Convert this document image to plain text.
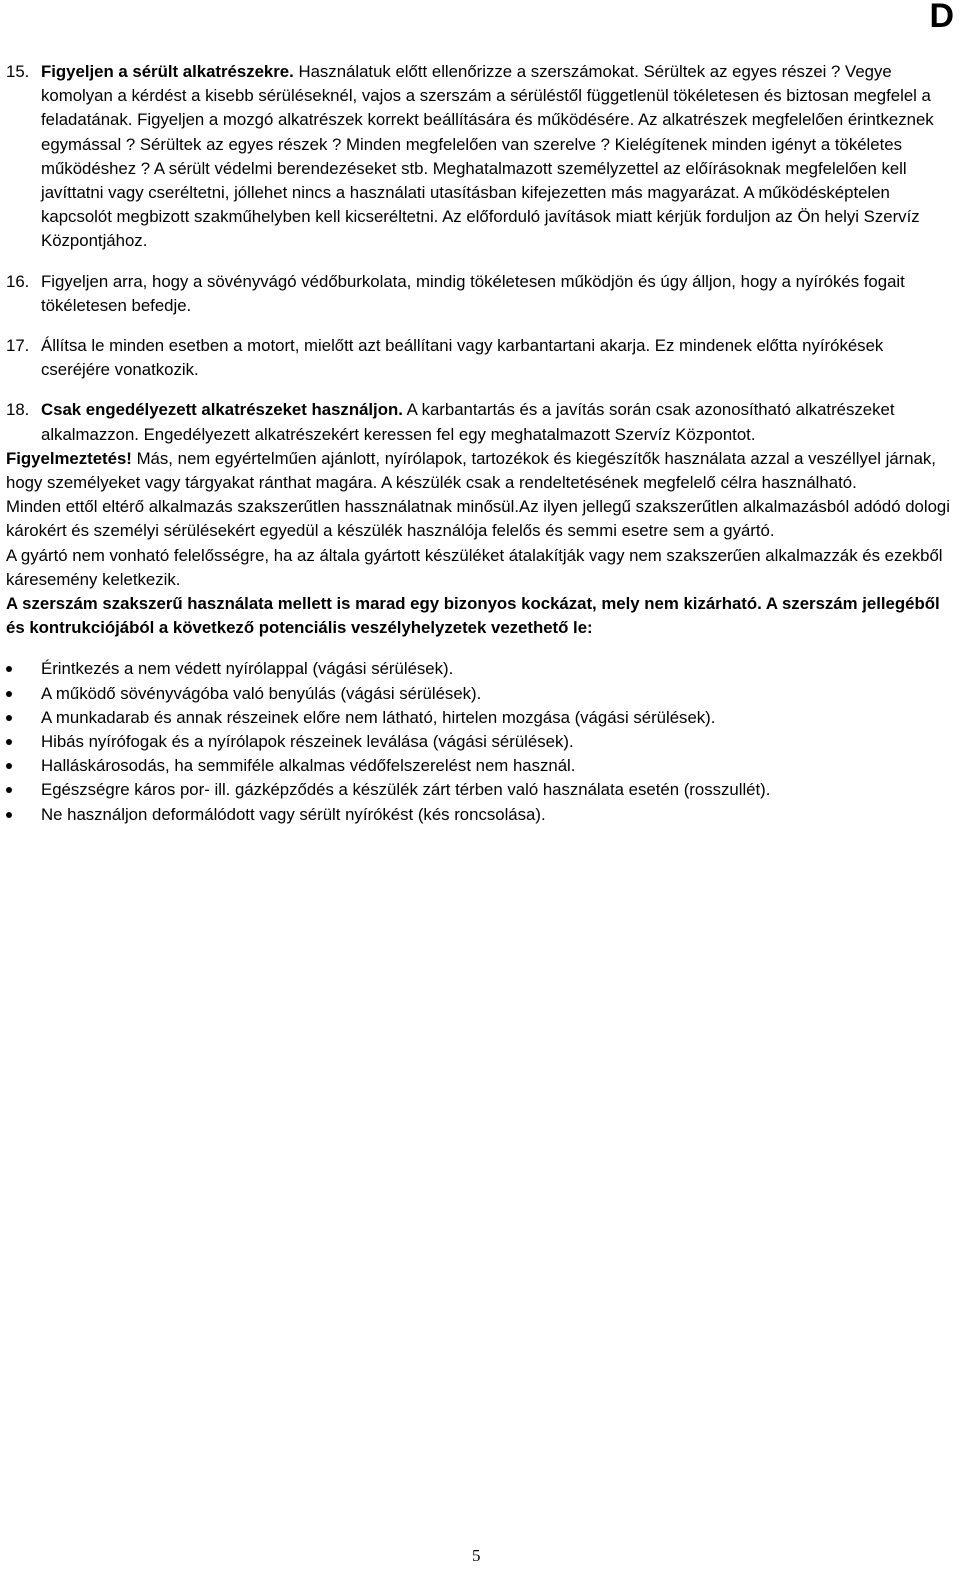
D

15. Figyeljen a sérült alkatrészekre. Használatuk előtt ellenőrizze a szerszámokat. Sérültek az egyes részei ? Vegye komolyan a kérdést a kisebb sérüléseknél, vajos a szerszám a sérüléstől függetlenül tökéletesen és biztosan megfelel a feladatának. Figyeljen a mozgó alkatrészek korrekt beállítására és működésére. Az alkatrészek megfelelően érintkeznek egymással ? Sérültek az egyes részek ? Minden megfelelően van szerelve ? Kielégítenek minden igényt a tökéletes működéshez ? A sérült védelmi berendezéseket stb. Meghatalmazott személyzettel az előírásoknak megfelelően kell javíttatni vagy cseréltetni, jóllehet nincs a használati utasításban kifejezetten más magyarázat. A működésképtelen kapcsolót megbizott szakműhelyben kell kicseréltetni. Az előforduló javítások miatt kérjük forduljon az Ön helyi Szervíz Központjához.

16. Figyeljen arra, hogy a sövényvágó védőburkolata, mindig tökéletesen működjön és úgy álljon, hogy a nyírókés fogait tökéletesen befedje.

17. Állítsa le minden esetben a motort, mielőtt azt beállítani vagy karbantartani akarja. Ez mindenek előtta nyírókések cseréjére vonatkozik.

18. Csak engedélyezett alkatrészeket használjon. A karbantartás és a javítás során csak azonosítható alkatrészeket alkalmazzon. Engedélyezett alkatrészekért keressen fel egy meghatalmazott Szervíz Központot.

Figyelmeztetés! Más, nem egyértelműen ajánlott, nyírólapok, tartozékok és kiegészítők használata azzal a veszéllyel járnak, hogy személyeket vagy tárgyakat ránthat magára. A készülék csak a rendeltetésének megfelelő célra használható.
Minden ettől eltérő alkalmazás szakszerűtlen hassználatnak minősül.Az ilyen jellegű szakszerűtlen alkalmazásból adódó dologi károkért és személyi sérülésekért egyedül a készülék használója felelős és semmi esetre sem a gyártó.

A gyártó nem vonható felelősségre, ha az általa gyártott készüléket átalakítják vagy nem szakszerűen alkalmazzák és ezekből káresemény keletkezik.

A szerszám szakszerű használata mellett is marad egy bizonyos kockázat, mely nem kizárható. A szerszám jellegéből és kontrukciójából a következő potenciális veszélyhelyzetek vezethető le:

Érintkezés a nem védett nyírólappal (vágási sérülések).
A működő sövényvágóba való benyúlás (vágási sérülések).
A munkadarab és annak részeinek előre nem látható, hirtelen mozgása (vágási sérülések).
Hibás nyírófogak és a nyírólapok részeinek leválása (vágási sérülések).
Halláskárosodás, ha semmiféle alkalmas védőfelszerelést nem használ.
Egészségre káros por- ill. gázképződés a készülék zárt térben való használata esetén (rosszullét).
Ne használjon deformálódott vagy sérült nyírókést (kés roncsolása).
5
